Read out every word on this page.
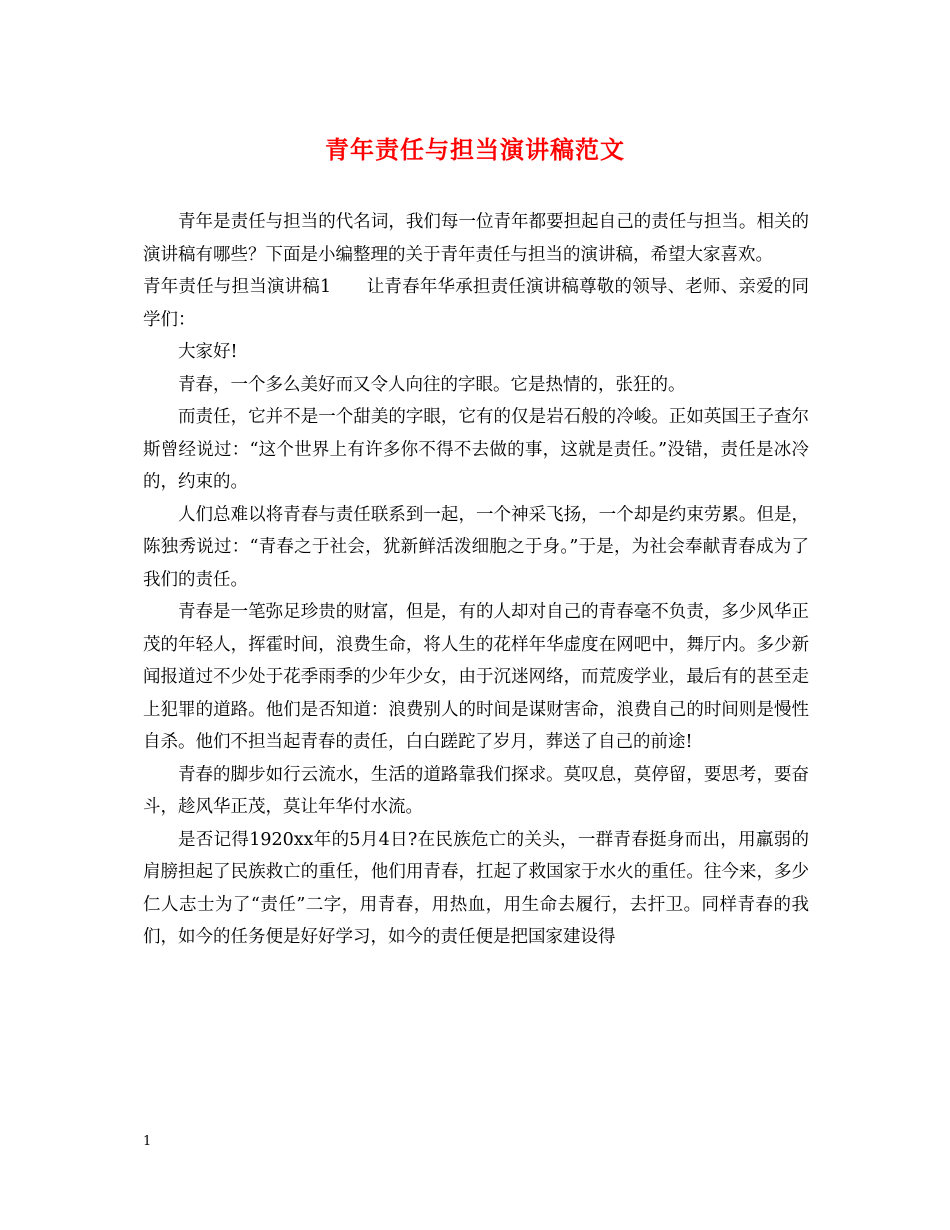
青年责任与担当演讲稿范文

青年是责任与担当的代名词，我们每一位青年都要担起自己的责任与担当。相关的演讲稿有哪些？下面是小编整理的关于青年责任与担当的演讲稿，希望大家喜欢。

青年责任与担当演讲稿1　　让青春年华承担责任演讲稿尊敬的领导、老师、亲爱的同学们：

大家好!

青春，一个多么美好而又令人向往的字眼。它是热情的，张狂的。

而责任，它并不是一个甜美的字眼，它有的仅是岩石般的冷峻。正如英国王子查尔斯曾经说过：“这个世界上有许多你不得不去做的事，这就是责任。”没错，责任是冰冷的，约束的。

人们总难以将青春与责任联系到一起，一个神采飞扬，一个却是约束劳累。但是，陈独秀说过：“青春之于社会，犹新鲜活泼细胞之于身。”于是，为社会奉献青春成为了我们的责任。

青春是一笔弥足珍贵的财富，但是，有的人却对自己的青春毫不负责，多少风华正茂的年轻人，挥霍时间，浪费生命，将人生的花样年华虚度在网吧中，舞厅内。多少新闻报道过不少处于花季雨季的少年少女，由于沉迷网络，而荒废学业，最后有的甚至走上犯罪的道路。他们是否知道：浪费别人的时间是谋财害命，浪费自己的时间则是慢性自杀。他们不担当起青春的责任，白白蹉跎了岁月，葬送了自己的前途!

青春的脚步如行云流水，生活的道路靠我们探求。莫叹息，莫停留，要思考，要奋斗，趁风华正茂，莫让年华付水流。

是否记得1920xx年的5月4日?在民族危亡的关头，一群青春挺身而出，用羸弱的肩膀担起了民族救亡的重任，他们用青春，扛起了救国家于水火的重任。往今来，多少仁人志士为了“责任”二字，用青春，用热血，用生命去履行，去扞卫。同样青春的我们，如今的任务便是好好学习，如今的责任便是把国家建设得

1
